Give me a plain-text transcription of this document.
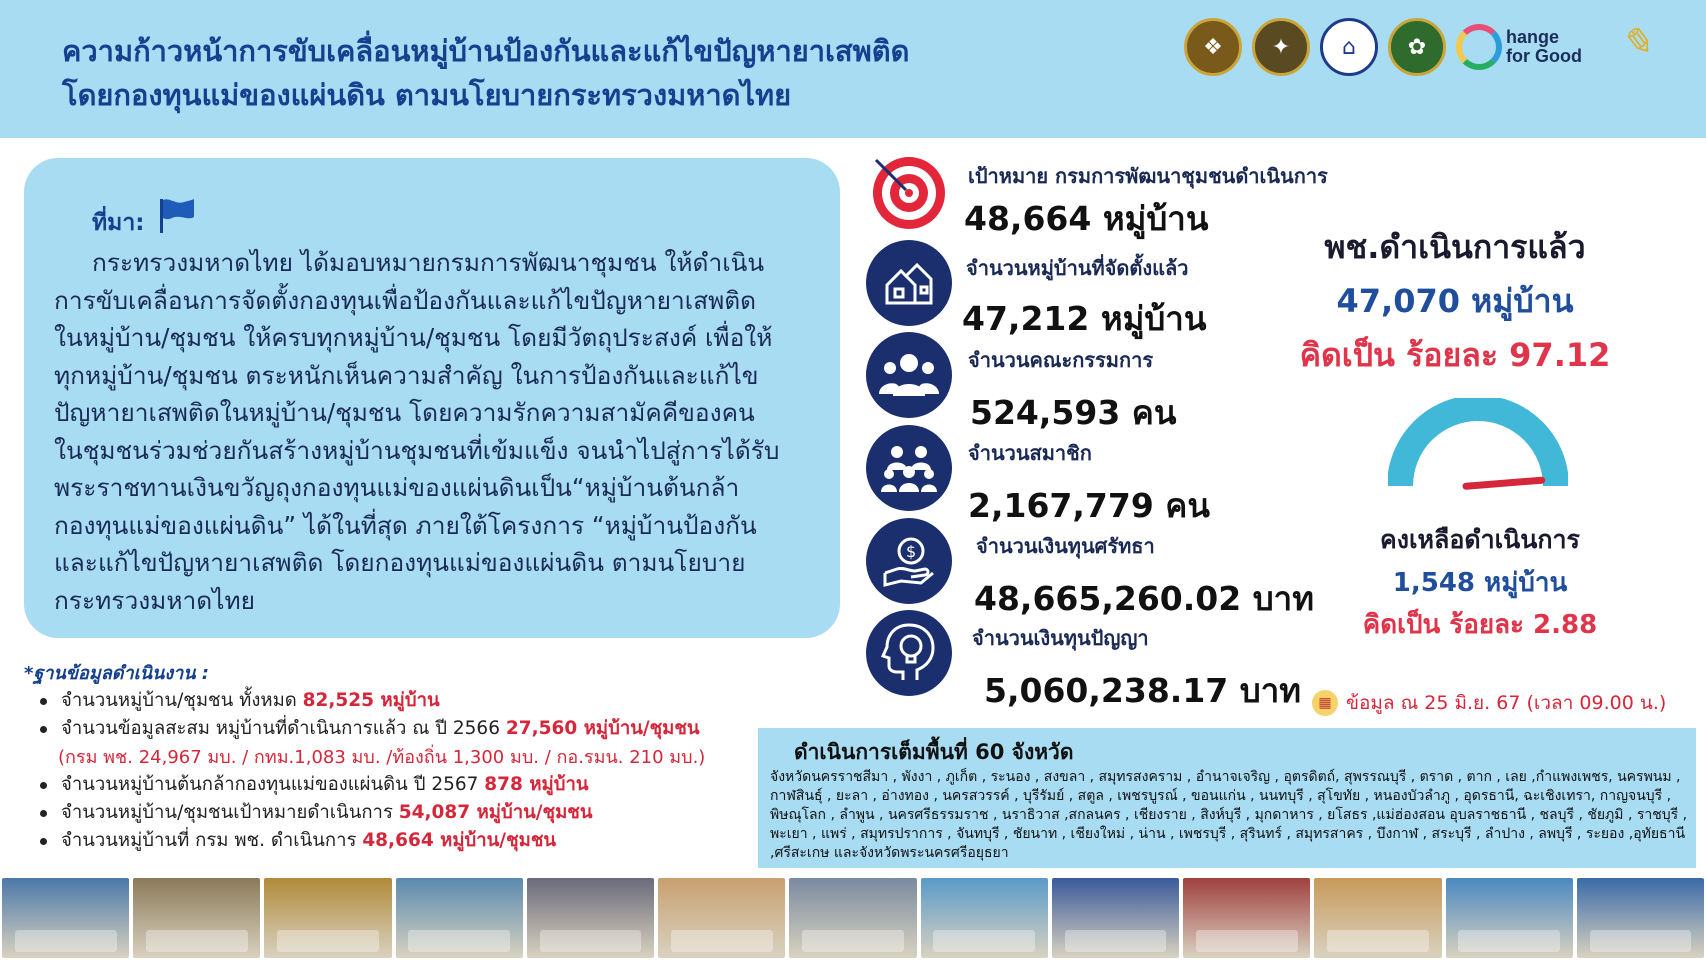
ความก้าวหน้าการขับเคลื่อนหมู่บ้านป้องกันและแก้ไขปัญหายาเสพติด
โดยกองทุนแม่ของแผ่นดิน ตามนโยบายกระทรวงมหาดไทย
❖	✦	⌂	✿	hange
for Good ✎
ที่มา:
กระทรวงมหาดไทย ได้มอบหมายกรมการพัฒนาชุมชน ให้ดำเนิน
การขับเคลื่อนการจัดตั้งกองทุนเพื่อป้องกันและแก้ไขปัญหายาเสพติด
ในหมู่บ้าน/ชุมชน ให้ครบทุกหมู่บ้าน/ชุมชน โดยมีวัตถุประสงค์ เพื่อให้
ทุกหมู่บ้าน/ชุมชน ตระหนักเห็นความสำคัญ ในการป้องกันและแก้ไข
ปัญหายาเสพติดในหมู่บ้าน/ชุมชน โดยความรักความสามัคคีของคน
ในชุมชนร่วมช่วยกันสร้างหมู่บ้านชุมชนที่เข้มแข็ง จนนำไปสู่การได้รับ
พระราชทานเงินขวัญถุงกองทุนแม่ของแผ่นดินเป็น“หมู่บ้านต้นกล้า
กองทุนแม่ของแผ่นดิน” ได้ในที่สุด ภายใต้โครงการ “หมู่บ้านป้องกัน
และแก้ไขปัญหายาเสพติด โดยกองทุนแม่ของแผ่นดิน ตามนโยบาย
กระทรวงมหาดไทย
*ฐานข้อมูลดำเนินงาน :
จำนวนหมู่บ้าน/ชุมชน ทั้งหมด 82,525 หมู่บ้าน
จำนวนข้อมูลสะสม หมู่บ้านที่ดำเนินการแล้ว ณ ปี 2566 27,560 หมู่บ้าน/ชุมชน
จำนวนหมู่บ้านต้นกล้ากองทุนแม่ของแผ่นดิน ปี 2567 878 หมู่บ้าน
จำนวนหมู่บ้าน/ชุมชนเป้าหมายดำเนินการ 54,087 หมู่บ้าน/ชุมชน
จำนวนหมู่บ้านที่ กรม พช. ดำเนินการ 48,664 หมู่บ้าน/ชุมชน
(กรม พช. 24,967 มบ. / กทม.1,083 มบ. /ท้องถิ่น 1,300 มบ. / กอ.รมน. 210 มบ.)
เป้าหมาย กรมการพัฒนาชุมชนดำเนินการ
48,664 หมู่บ้าน
จำนวนหมู่บ้านที่จัดตั้งแล้ว
47,212 หมู่บ้าน
จำนวนคณะกรรมการ
524,593 คน
จำนวนสมาชิก
2,167,779 คน
$	จำนวนเงินทุนศรัทธา
48,665,260.02 บาท
จำนวนเงินทุนปัญญา
5,060,238.17 บาท
พช.ดำเนินการแล้ว
47,070 หมู่บ้าน
คิดเป็น ร้อยละ 97.12
คงเหลือดำเนินการ
1,548 หมู่บ้าน
คิดเป็น ร้อยละ 2.88
▦ ข้อมูล ณ 25 มิ.ย. 67 (เวลา 09.00 น.)
ดำเนินการเต็มพื้นที่ 60 จังหวัด
จังหวัดนครราชสีมา , พังงา , ภูเก็ต , ระนอง , สงขลา , สมุทรสงคราม , อำนาจเจริญ , อุตรดิตถ์, สุพรรณบุรี , ตราด , ตาก , เลย ,กำแพงเพชร, นครพนม , กาฬสินธุ์ , ยะลา , อ่างทอง , นครสวรรค์ , บุรีรัมย์ , สตูล , เพชรบูรณ์ , ขอนแก่น , นนทบุรี , สุโขทัย , หนองบัวลำภู , อุดรธานี, ฉะเชิงเทรา, กาญจนบุรี , พิษณุโลก , ลำพูน , นครศรีธรรมราช , นราธิวาส ,สกลนคร , เชียงราย , สิงห์บุรี , มุกดาหาร , ยโสธร ,แม่ฮ่องสอน อุบลราชธานี , ชลบุรี , ชัยภูมิ , ราชบุรี , พะเยา , แพร่ , สมุทรปราการ , จันทบุรี , ชัยนาท , เชียงใหม่ , น่าน , เพชรบุรี , สุรินทร์ , สมุทรสาคร , บึงกาฬ , สระบุรี , ลำปาง , ลพบุรี , ระยอง ,อุทัยธานี ,ศรีสะเกษ และจังหวัดพระนครศรีอยุธยา
